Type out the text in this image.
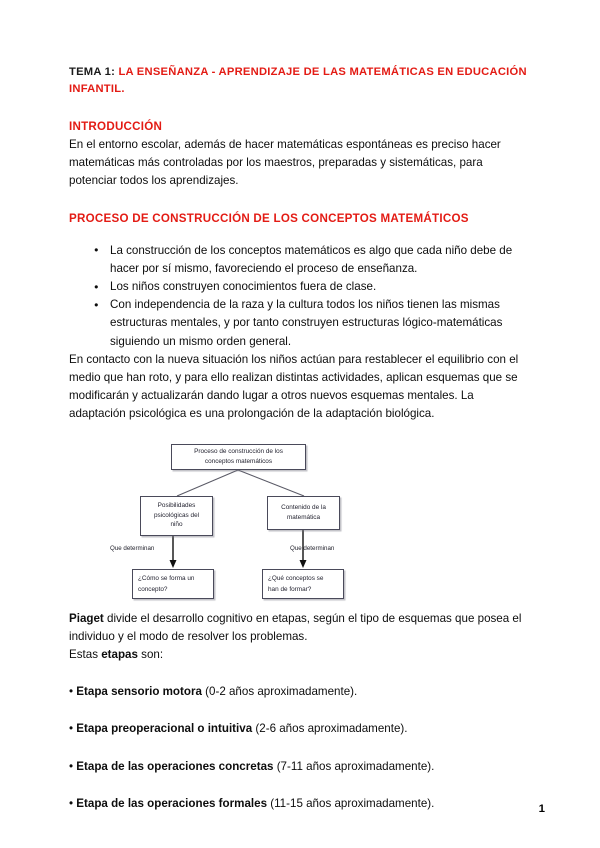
TEMA 1: LA ENSEÑANZA - APRENDIZAJE DE LAS MATEMÁTICAS EN EDUCACIÓN INFANTIL.
INTRODUCCIÓN

En el entorno escolar, además de hacer matemáticas espontáneas es preciso hacer matemáticas más controladas por los maestros, preparadas y sistemáticas, para potenciar todos los aprendizajes.

PROCESO DE CONSTRUCCIÓN DE LOS CONCEPTOS MATEMÁTICOS
● La construcción de los conceptos matemáticos es algo que cada niño debe de hacer por sí mismo, favoreciendo el proceso de enseñanza.
● Los niños construyen conocimientos fuera de clase.
● Con independencia de la raza y la cultura todos los niños tienen las mismas estructuras mentales, y por tanto construyen estructuras lógico-matemáticas siguiendo un mismo orden general.

En contacto con la nueva situación los niños actúan para restablecer el equilibrio con el medio que han roto, y para ello realizan distintas actividades, aplican esquemas que se modificarán y actualizarán dando lugar a otros nuevos esquemas mentales. La adaptación psicológica es una prolongación de la adaptación biológica.

Proceso de construcción de los
conceptos matemáticos
Posibilidades
psicológicas del
niño
Contenido de la
matemática
Que determinan	Que determinan
¿Cómo se forma un
concepto?
¿Qué conceptos se
han de formar?

Piaget divide el desarrollo cognitivo en etapas, según el tipo de esquemas que posea el individuo y el modo de resolver los problemas.

Estas etapas son:

• Etapa sensorio motora (0-2 años aproximadamente).
• Etapa preoperacional o intuitiva (2-6 años aproximadamente).
• Etapa de las operaciones concretas (7-11 años aproximadamente).
• Etapa de las operaciones formales (11-15 años aproximadamente).	1
